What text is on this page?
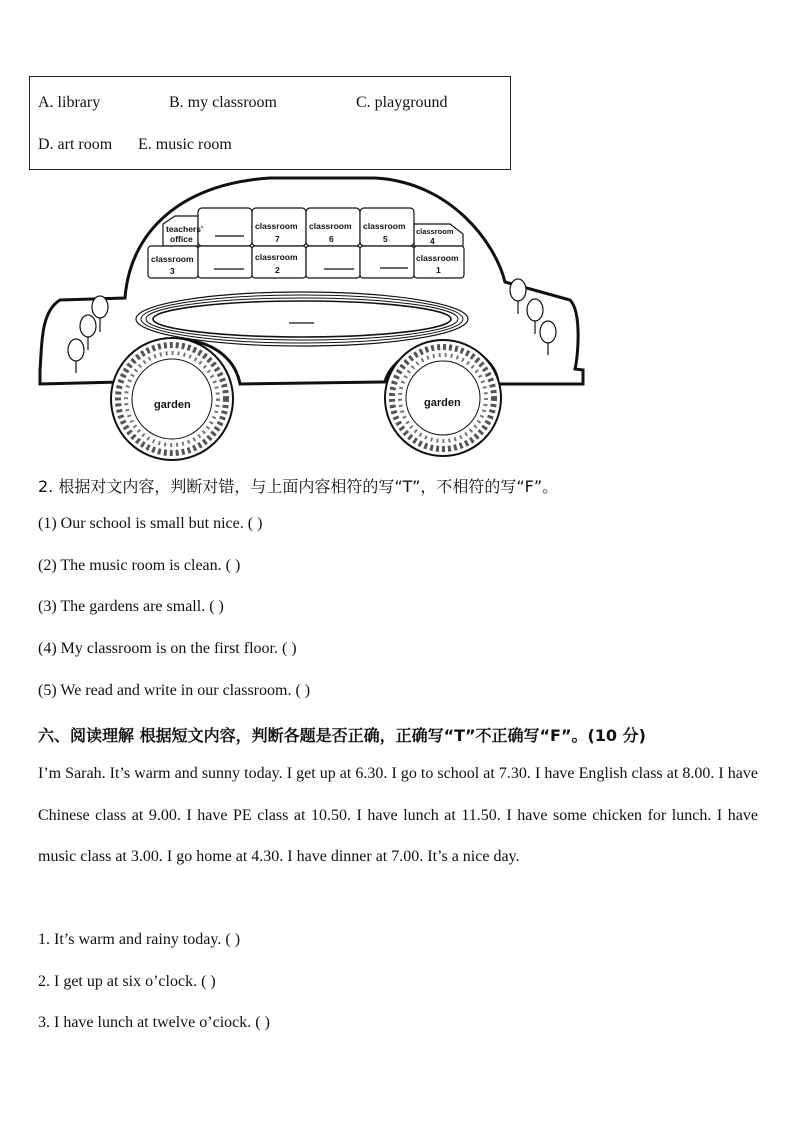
A. library	B. my classroom	C. playground
D. art room E. music room
teachers'
office
classroom
7
classroom
6
classroom
5
classroom
4
classroom
3
classroom
2
classroom
1
garden	garden
2. 根据对文内容，判断对错，与上面内容相符的写“T”，不相符的写“F”。
(1) Our school is small but nice. ( )
(2) The music room is clean. ( )
(3) The gardens are small. ( )
(4) My classroom is on the first floor. ( )
(5) We read and write in our classroom. ( )
六、阅读理解 根据短文内容，判断各题是否正确，正确写“T”不正确写“F”。(10 分)
I’m Sarah. It’s warm and sunny today. I get up at 6.30. I go to school at 7.30. I have English class at 8.00. I have Chinese class at 9.00. I have PE class at 10.50. I have lunch at 11.50. I have some chicken for lunch. I have music class at 3.00. I go home at 4.30. I have dinner at 7.00. It’s a nice day.
1. It’s warm and rainy today. ( )
2. I get up at six o’clock. ( )
3. I have lunch at twelve o’ciock. ( )
